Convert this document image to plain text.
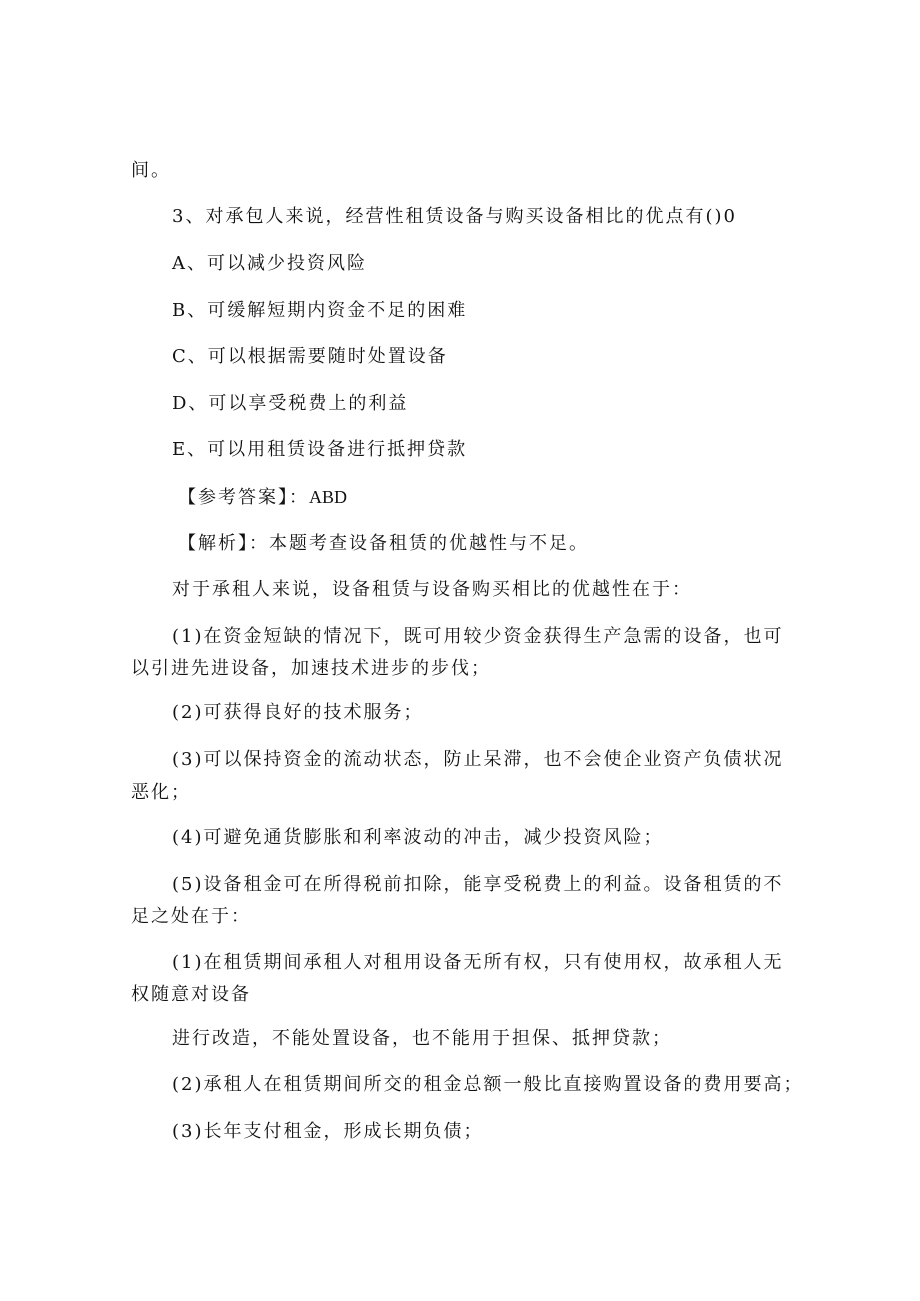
间。
3、对承包人来说，经营性租赁设备与购买设备相比的优点有()0
A、可以减少投资风险
B、可缓解短期内资金不足的困难
C、可以根据需要随时处置设备
D、可以享受税费上的利益
E、可以用租赁设备进行抵押贷款
【参考答案】：ABD
【解析】：本题考查设备租赁的优越性与不足。
对于承租人来说，设备租赁与设备购买相比的优越性在于：
(1)在资金短缺的情况下，既可用较少资金获得生产急需的设备，也可
以引进先进设备，加速技术进步的步伐；
(2)可获得良好的技术服务；
(3)可以保持资金的流动状态，防止呆滞，也不会使企业资产负债状况
恶化；
(4)可避免通货膨胀和利率波动的冲击，减少投资风险；
(5)设备租金可在所得税前扣除，能享受税费上的利益。设备租赁的不
足之处在于：
(1)在租赁期间承租人对租用设备无所有权，只有使用权，故承租人无
权随意对设备
进行改造，不能处置设备，也不能用于担保、抵押贷款；
(2)承租人在租赁期间所交的租金总额一般比直接购置设备的费用要高；
(3)长年支付租金，形成长期负债；
